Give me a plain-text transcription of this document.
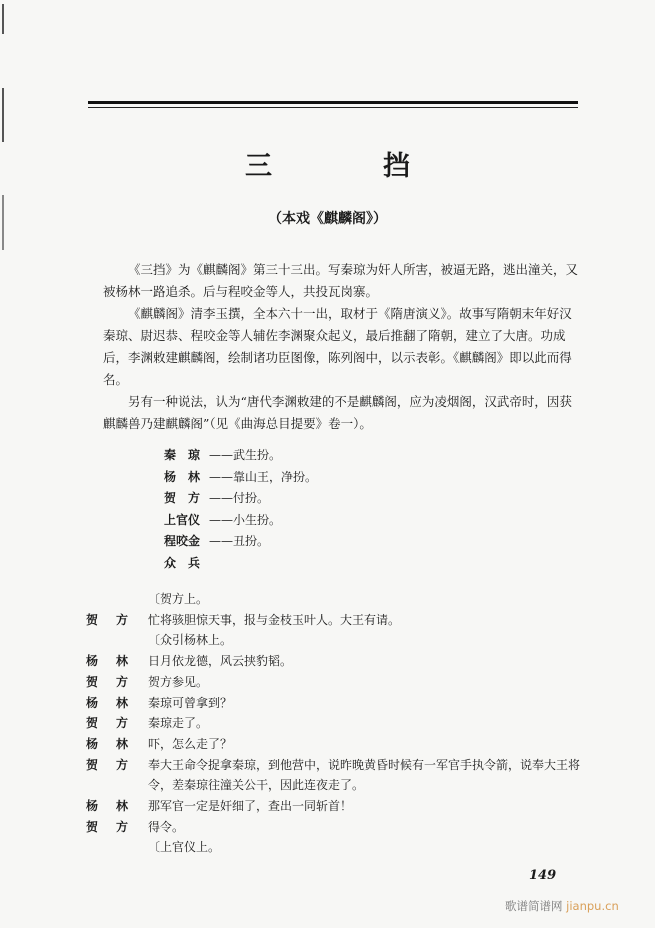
三　挡
（本戏《麒麟阁》）

《三挡》为《麒麟阁》第三十三出。写秦琼为奸人所害，被逼无路，逃出潼关，又被杨林一路追杀。后与程咬金等人，共投瓦岗寨。

《麒麟阁》清李玉撰，全本六十一出，取材于《隋唐演义》。故事写隋朝末年好汉秦琼、尉迟恭、程咬金等人辅佐李渊聚众起义，最后推翻了隋朝，建立了大唐。功成后，李渊敕建麒麟阁，绘制诸功臣图像，陈列阁中，以示表彰。《麒麟阁》即以此而得名。

另有一种说法，认为“唐代李渊敕建的不是麒麟阁，应为凌烟阁，汉武帝时，因获麒麟兽乃建麒麟阁”（见《曲海总目提要》卷一）。

秦琼
——武生扮。
杨林
——靠山王，净扮。
贺方
——付扮。
上官仪 ——小生扮。
程咬金 ——丑扮。
众兵
〔贺方上。
贺方 忙将骇胆惊天事，报与金枝玉叶人。大王有请。
〔众引杨林上。
杨林 日月依龙德，风云挟豹韬。
贺方 贺方参见。
杨林 秦琼可曾拿到？
贺方 秦琼走了。
杨林 吓，怎么走了？
贺方 奉大王命令捉拿秦琼，到他营中，说昨晚黄昏时候有一军官手执令箭，说奉大王将令，差秦琼往潼关公干，因此连夜走了。
杨林 那军官一定是奸细了，查出一同斩首！
贺方 得令。
〔上官仪上。
149
歌谱简谱网 jianpu.cn
